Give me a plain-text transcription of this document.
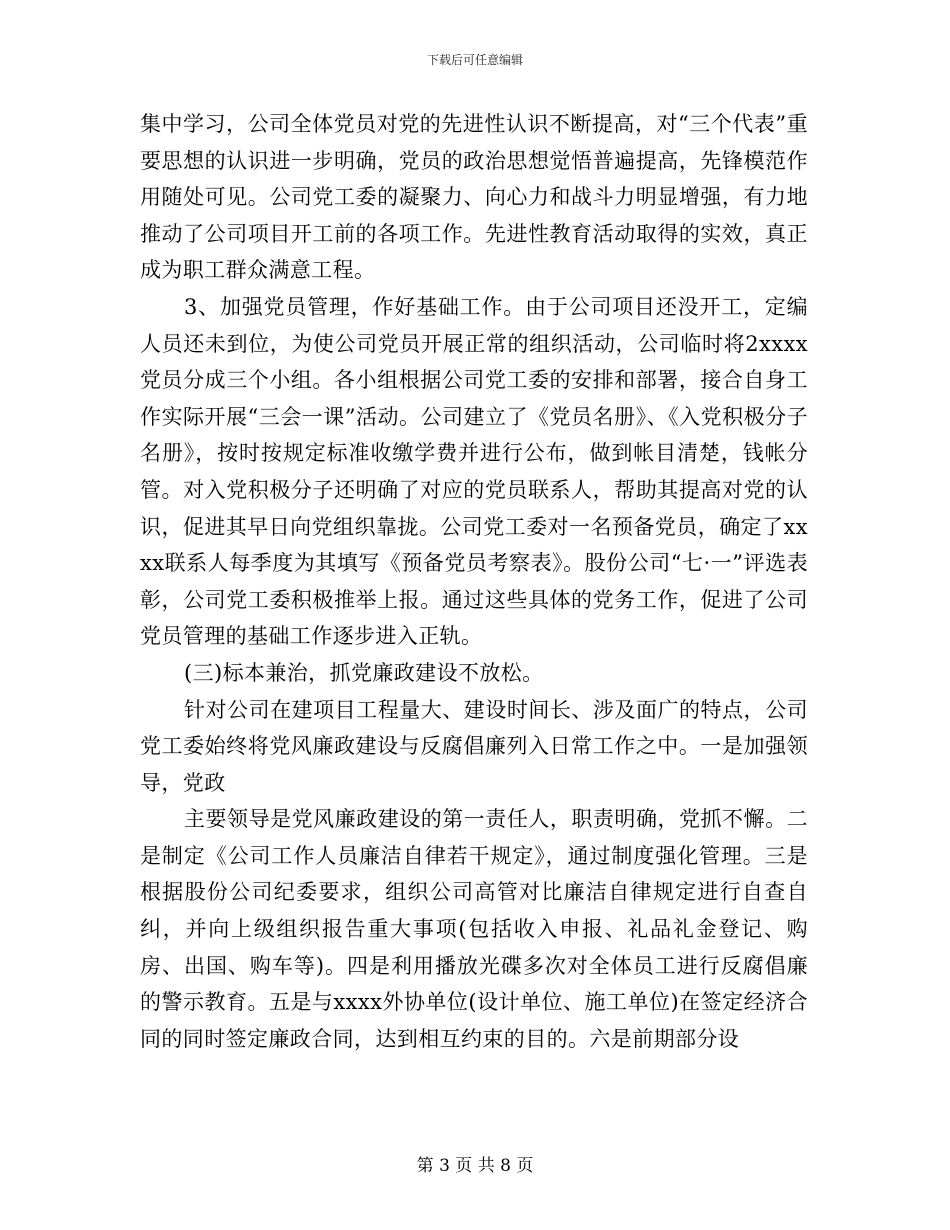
下载后可任意编辑

集中学习，公司全体党员对党的先进性认识不断提高，对“三个代表”重要思想的认识进一步明确，党员的政治思想觉悟普遍提高，先锋模范作用随处可见。公司党工委的凝聚力、向心力和战斗力明显增强，有力地推动了公司项目开工前的各项工作。先进性教育活动取得的实效，真正成为职工群众满意工程。

3、加强党员管理，作好基础工作。由于公司项目还没开工，定编人员还未到位，为使公司党员开展正常的组织活动，公司临时将2xxxx党员分成三个小组。各小组根据公司党工委的安排和部署，接合自身工作实际开展“三会一课”活动。公司建立了《党员名册》、《入党积极分子名册》，按时按规定标准收缴学费并进行公布，做到帐目清楚，钱帐分管。对入党积极分子还明确了对应的党员联系人，帮助其提高对党的认识，促进其早日向党组织靠拢。公司党工委对一名预备党员，确定了xxxx联系人每季度为其填写《预备党员考察表》。股份公司“七·一”评选表彰，公司党工委积极推举上报。通过这些具体的党务工作，促进了公司党员管理的基础工作逐步进入正轨。

(三)标本兼治，抓党廉政建设不放松。

针对公司在建项目工程量大、建设时间长、涉及面广的特点，公司党工委始终将党风廉政建设与反腐倡廉列入日常工作之中。一是加强领导，党政

主要领导是党风廉政建设的第一责任人，职责明确，党抓不懈。二是制定《公司工作人员廉洁自律若干规定》，通过制度强化管理。三是根据股份公司纪委要求，组织公司高管对比廉洁自律规定进行自查自纠，并向上级组织报告重大事项(包括收入申报、礼品礼金登记、购房、出国、购车等)。四是利用播放光碟多次对全体员工进行反腐倡廉的警示教育。五是与xxxx外协单位(设计单位、施工单位)在签定经济合同的同时签定廉政合同，达到相互约束的目的。六是前期部分设

第 3 页 共 8 页
